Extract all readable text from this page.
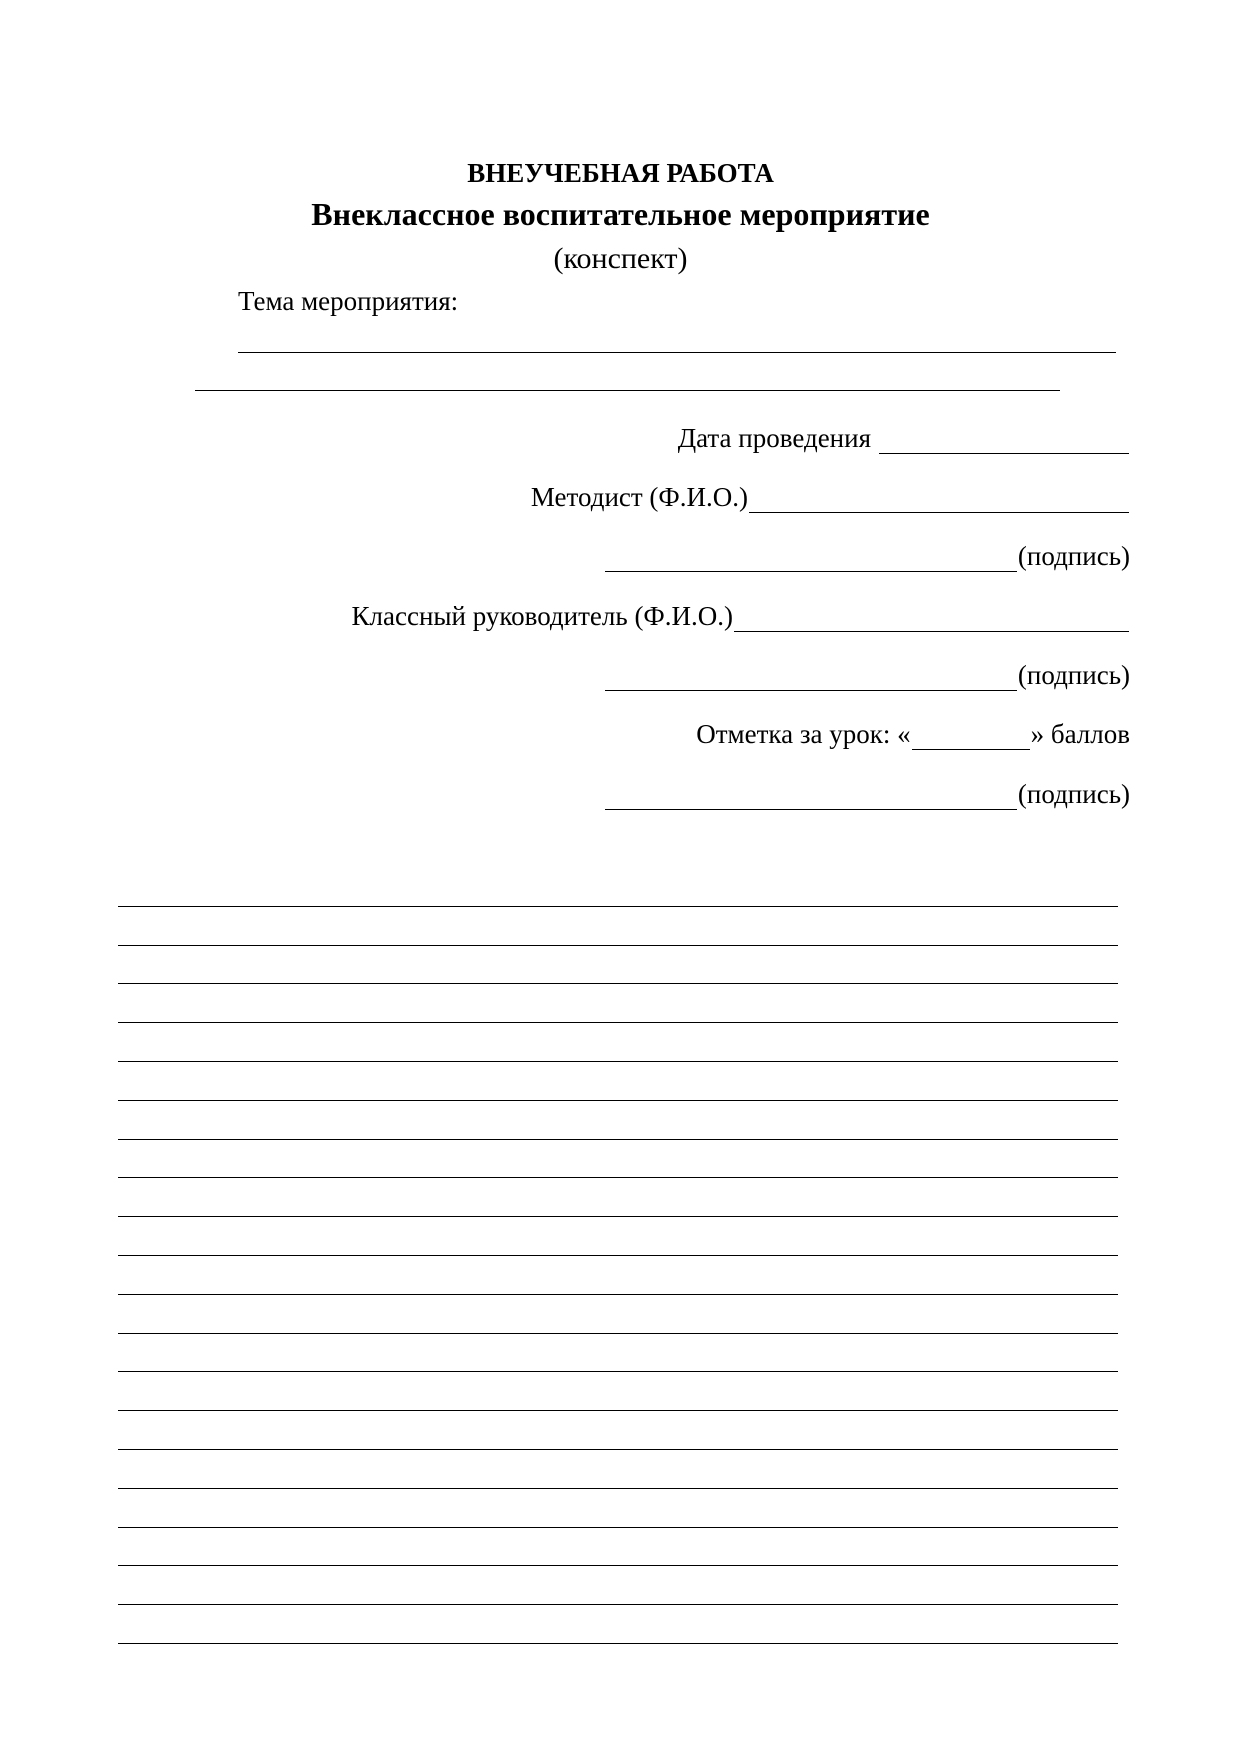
ВНЕУЧЕБНАЯ РАБОТА
Внеклассное воспитательное мероприятие
(конспект)
Тема мероприятия:
Дата проведения
Методист (Ф.И.О.)
(подпись)
Классный руководитель (Ф.И.О.)
(подпись)
Отметка за урок: «	» баллов
(подпись)
